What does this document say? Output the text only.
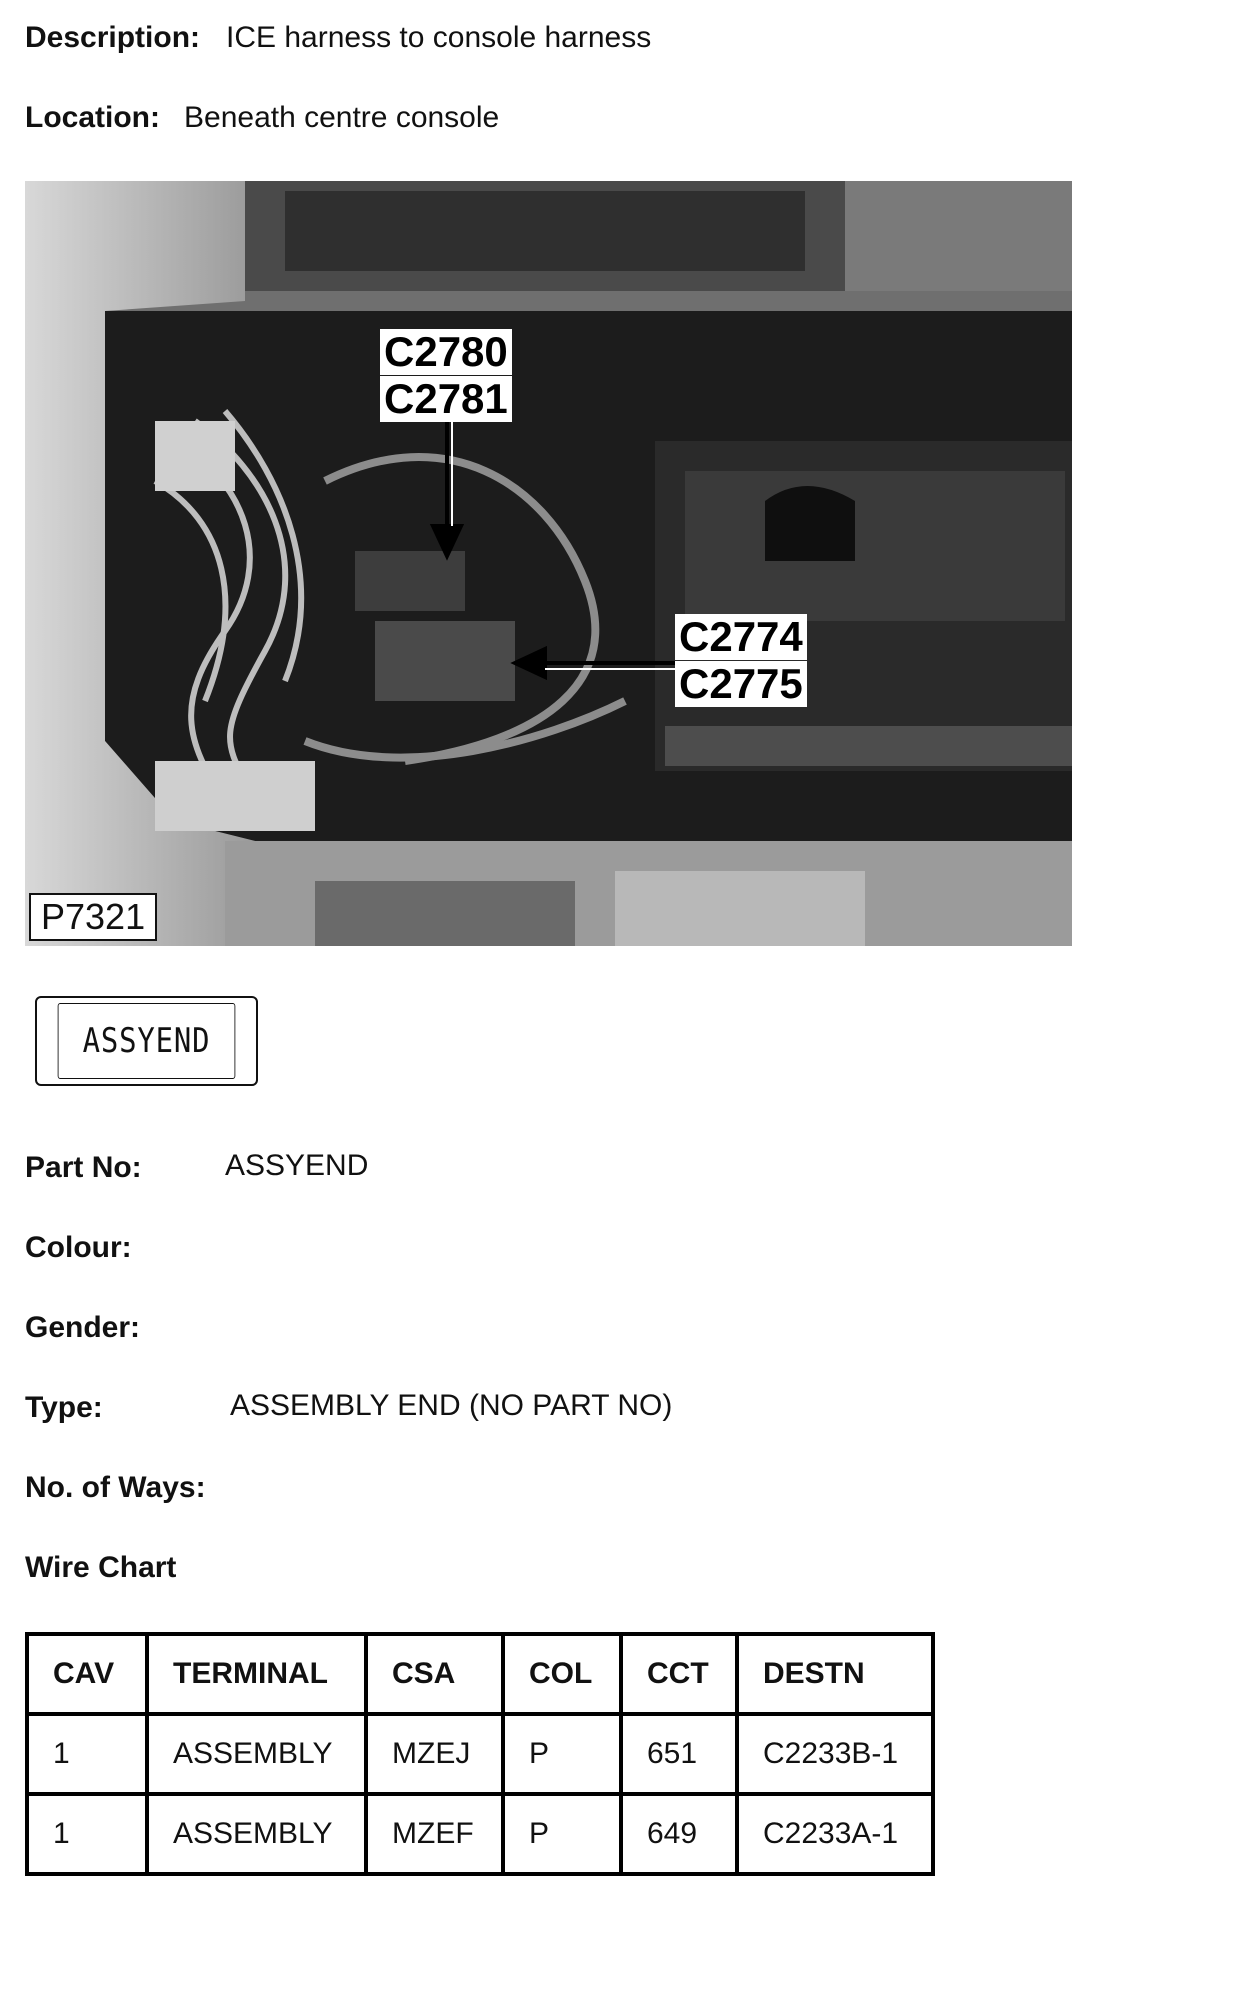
Description: ICE harness to console harness
Location: Beneath centre console
C2780
C2781
C2774
C2775
P7321
ASSYEND
Part No:	ASSYEND
Colour:
Gender:
Type:	ASSEMBLY END (NO PART NO)
No. of Ways:
Wire Chart
CAV	TERMINAL	CSA	COL	CCT	DESTN
1	ASSEMBLY	MZEJ	P	651	C2233B-1
1	ASSEMBLY	MZEF	P	649	C2233A-1
